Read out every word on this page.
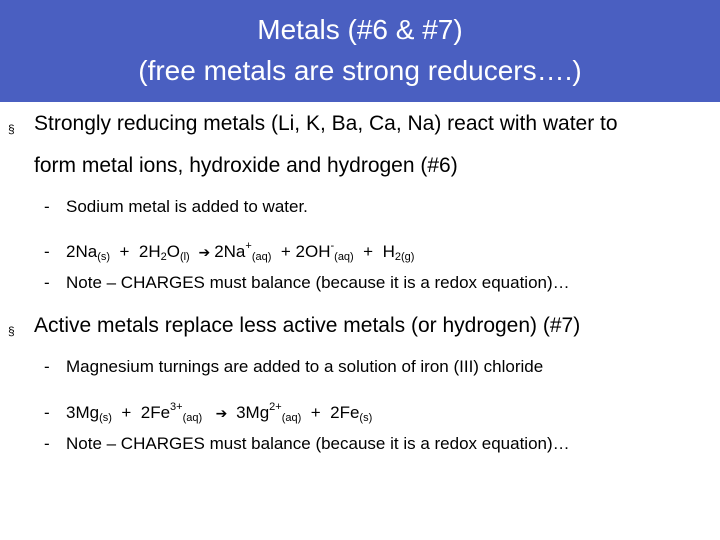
Metals (#6 & #7)
(free metals are strong reducers….)
§ Strongly reducing metals (Li, K, Ba, Ca, Na) react with water to
form metal ions, hydroxide and hydrogen (#6)
- Sodium metal is added to water.
- $2Na_{(s)} + 2H_2O_{(l)}$ ➔ $2Na^+_{(aq)} + 2OH^-_{(aq)} + H_{2(g)}$
- Note – CHARGES must balance (because it is a redox equation)…
§ Active metals replace less active metals (or hydrogen) (#7)
- Magnesium turnings are added to a solution of iron (III) chloride
- $3Mg_{(s)} + 2Fe^{3+}_{(aq)}$ ➔ $3Mg^{2+}_{(aq)} + 2Fe_{(s)}$
- Note – CHARGES must balance (because it is a redox equation)…
